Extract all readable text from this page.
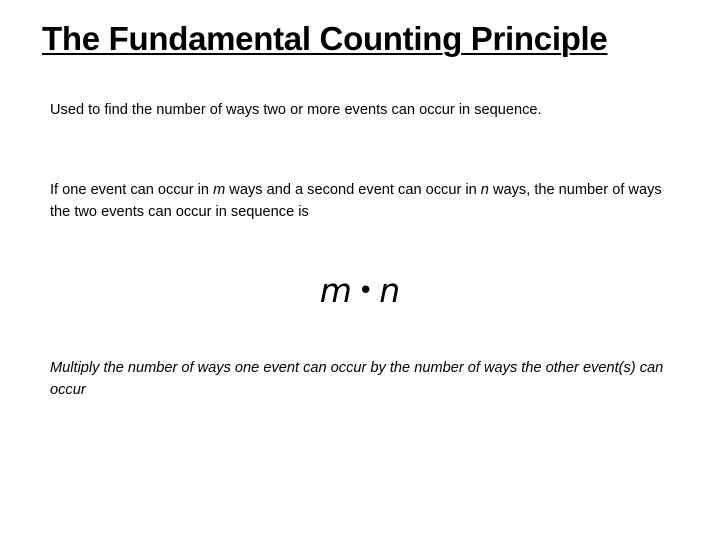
The Fundamental Counting Principle

Used to find the number of ways two or more events can occur in sequence.

If one event can occur in m ways and a second event can occur in n ways, the number of ways the two events can occur in sequence is

m • n

Multiply the number of ways one event can occur by the number of ways the other event(s) can occur
